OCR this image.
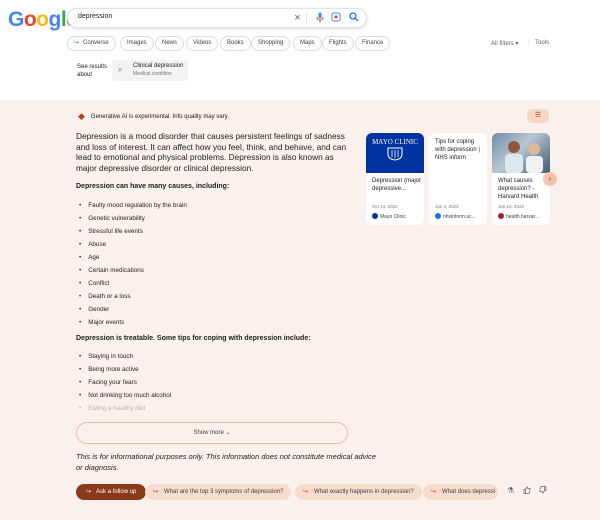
Googl	depression	×
↪ Converse	Images	News	Videos	Books	Shopping	Maps	Flights	Finance	All filters ▾ | Tools
See results about
⌕ Clinical depression
Medical condition
◆ Generative AI is experimental. Info quality may vary.	☰
Depression is a mood disorder that causes persistent feelings of sadness and loss of interest. It can affect how you feel, think, and behave, and can lead to emotional and physical problems. Depression is also known as major depressive disorder or clinical depression.
Depression can have many causes, including:
• Faulty mood regulation by the brain
• Genetic vulnerability
• Stressful life events
• Abuse
• Age
• Certain medications
• Conflict
• Death or a loss
• Gender
• Major events
Depression is treatable. Some tips for coping with depression include:
• Staying in touch
• Being more active
• Facing your fears
• Not drinking too much alcohol
• Eating a healthy diet
MAYO CLINIC
Depression (major depressive...
Oct 14, 2022
Mayo Clinic
Tips for coping with depression | NHS inform
Jan 4, 2023
nhsinform.sc...
What causes depression? - Harvard Health
Jan 10, 2022
health.harvar...
›
Show more ⌄
This is for informational purposes only. This information does not constitute medical advice or diagnosis.
↪ Ask a follow up	↪ What are the top 3 symptoms of depression?	↪ What exactly happens in depression?	↪ What does depressi	⚗
